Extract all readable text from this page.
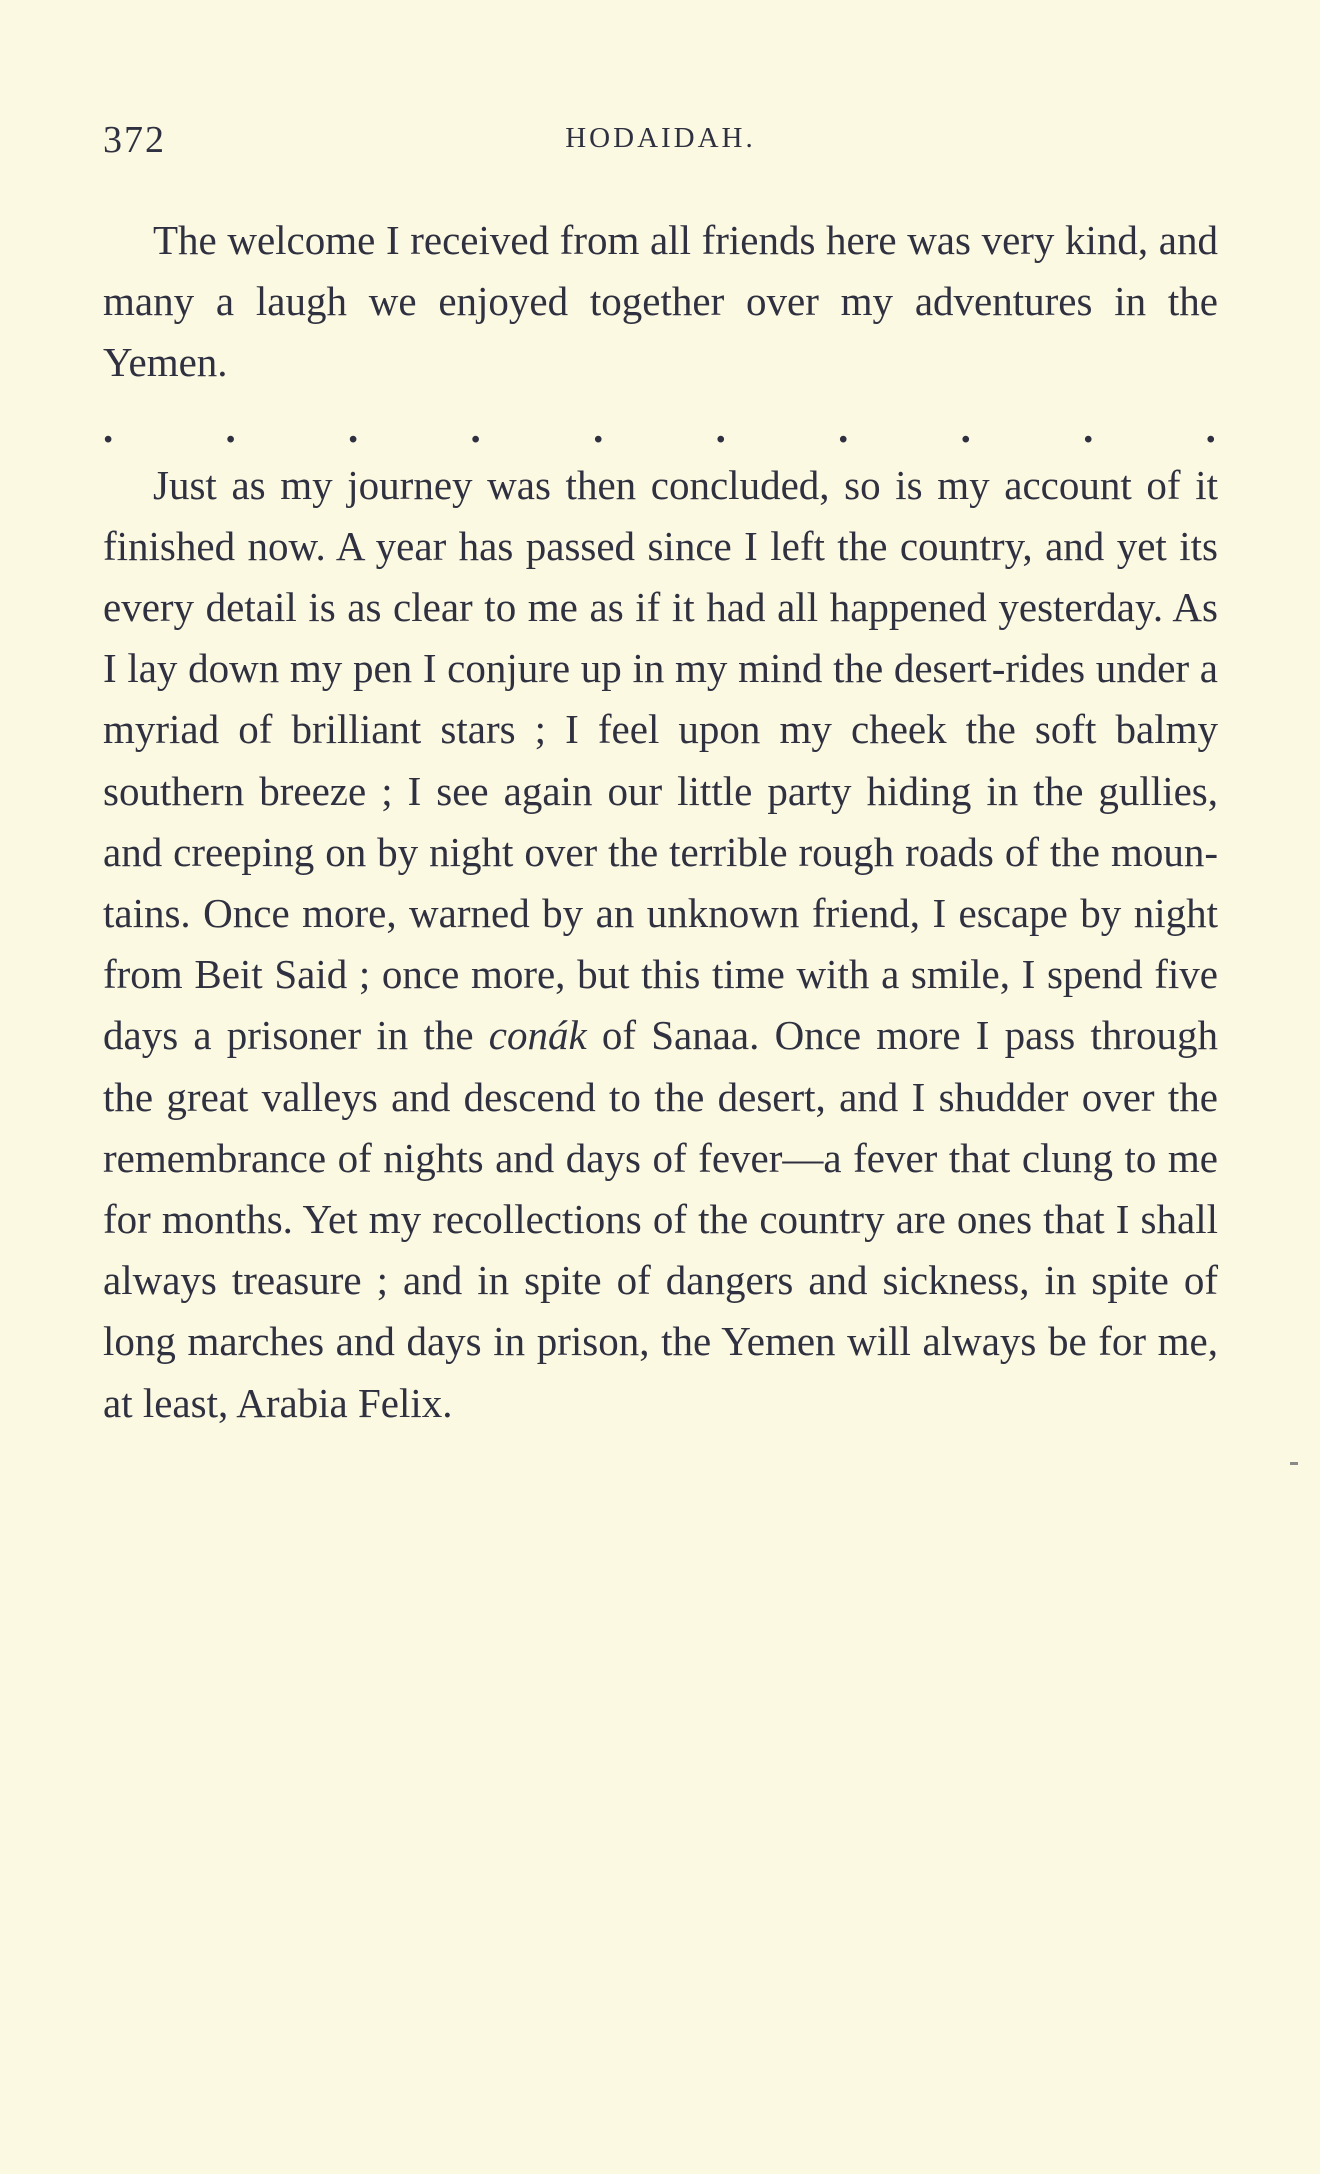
372	HODAIDAH.

The welcome I received from all friends here was very kind, and many a laugh we enjoyed together over my adventures in the Yemen.

.	.	.	.	.	.	.	.	.	.

Just as my journey was then concluded, so is my account of it finished now. A year has passed since I left the country, and yet its every detail is as clear to me as if it had all happened yesterday. As I lay down my pen I conjure up in my mind the desert-rides under a myriad of brilliant stars ; I feel upon my cheek the soft balmy southern breeze ; I see again our little party hiding in the gullies, and creeping on by night over the terrible rough roads of the moun-tains. Once more, warned by an unknown friend, I escape by night from Beit Said ; once more, but this time with a smile, I spend five days a prisoner in the conák of Sanaa. Once more I pass through the great valleys and descend to the desert, and I shudder over the remembrance of nights and days of fever—a fever that clung to me for months. Yet my recollections of the country are ones that I shall always treasure ; and in spite of dangers and sickness, in spite of long marches and days in prison, the Yemen will always be for me, at least, Arabia Felix.
